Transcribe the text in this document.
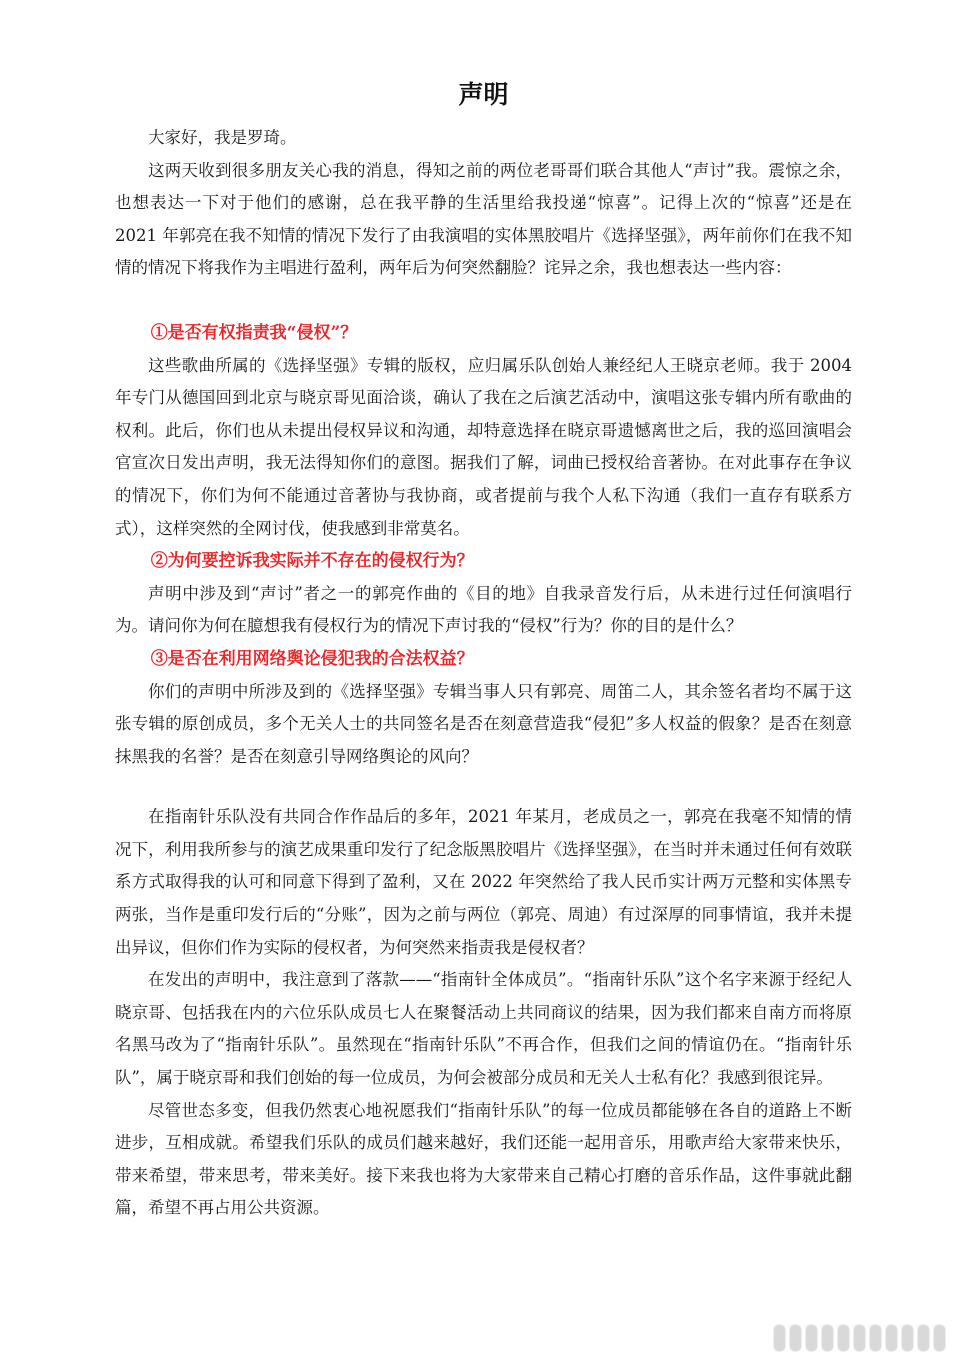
声明

大家好，我是罗琦。

这两天收到很多朋友关心我的消息，得知之前的两位老哥哥们联合其他人“声讨”我。震惊之余，也想表达一下对于他们的感谢，总在我平静的生活里给我投递“惊喜”。记得上次的“惊喜”还是在 2021 年郭亮在我不知情的情况下发行了由我演唱的实体黑胶唱片《选择坚强》，两年前你们在我不知情的情况下将我作为主唱进行盈利，两年后为何突然翻脸？诧异之余，我也想表达一些内容：

①是否有权指责我“侵权”？

这些歌曲所属的《选择坚强》专辑的版权，应归属乐队创始人兼经纪人王晓京老师。我于 2004 年专门从德国回到北京与晓京哥见面洽谈，确认了我在之后演艺活动中，演唱这张专辑内所有歌曲的权利。此后，你们也从未提出侵权异议和沟通，却特意选择在晓京哥遗憾离世之后，我的巡回演唱会官宣次日发出声明，我无法得知你们的意图。据我们了解，词曲已授权给音著协。在对此事存在争议的情况下，你们为何不能通过音著协与我协商，或者提前与我个人私下沟通（我们一直存有联系方式），这样突然的全网讨伐，使我感到非常莫名。

②为何要控诉我实际并不存在的侵权行为？

声明中涉及到“声讨”者之一的郭亮作曲的《目的地》自我录音发行后，从未进行过任何演唱行为。请问你为何在臆想我有侵权行为的情况下声讨我的“侵权”行为？你的目的是什么？

③是否在利用网络舆论侵犯我的合法权益？

你们的声明中所涉及到的《选择坚强》专辑当事人只有郭亮、周笛二人，其余签名者均不属于这张专辑的原创成员，多个无关人士的共同签名是否在刻意营造我“侵犯”多人权益的假象？是否在刻意抹黑我的名誉？是否在刻意引导网络舆论的风向？

在指南针乐队没有共同合作作品后的多年，2021 年某月，老成员之一，郭亮在我毫不知情的情况下，利用我所参与的演艺成果重印发行了纪念版黑胶唱片《选择坚强》，在当时并未通过任何有效联系方式取得我的认可和同意下得到了盈利，又在 2022 年突然给了我人民币实计两万元整和实体黑专两张，当作是重印发行后的“分账”，因为之前与两位（郭亮、周迪）有过深厚的同事情谊，我并未提出异议，但你们作为实际的侵权者，为何突然来指责我是侵权者？

在发出的声明中，我注意到了落款——“指南针全体成员”。“指南针乐队”这个名字来源于经纪人晓京哥、包括我在内的六位乐队成员七人在聚餐活动上共同商议的结果，因为我们都来自南方而将原名黑马改为了“指南针乐队”。虽然现在“指南针乐队”不再合作，但我们之间的情谊仍在。“指南针乐队”，属于晓京哥和我们创始的每一位成员，为何会被部分成员和无关人士私有化？我感到很诧异。

尽管世态多变，但我仍然衷心地祝愿我们“指南针乐队”的每一位成员都能够在各自的道路上不断进步，互相成就。希望我们乐队的成员们越来越好，我们还能一起用音乐，用歌声给大家带来快乐，带来希望，带来思考，带来美好。接下来我也将为大家带来自己精心打磨的音乐作品，这件事就此翻篇，希望不再占用公共资源。
